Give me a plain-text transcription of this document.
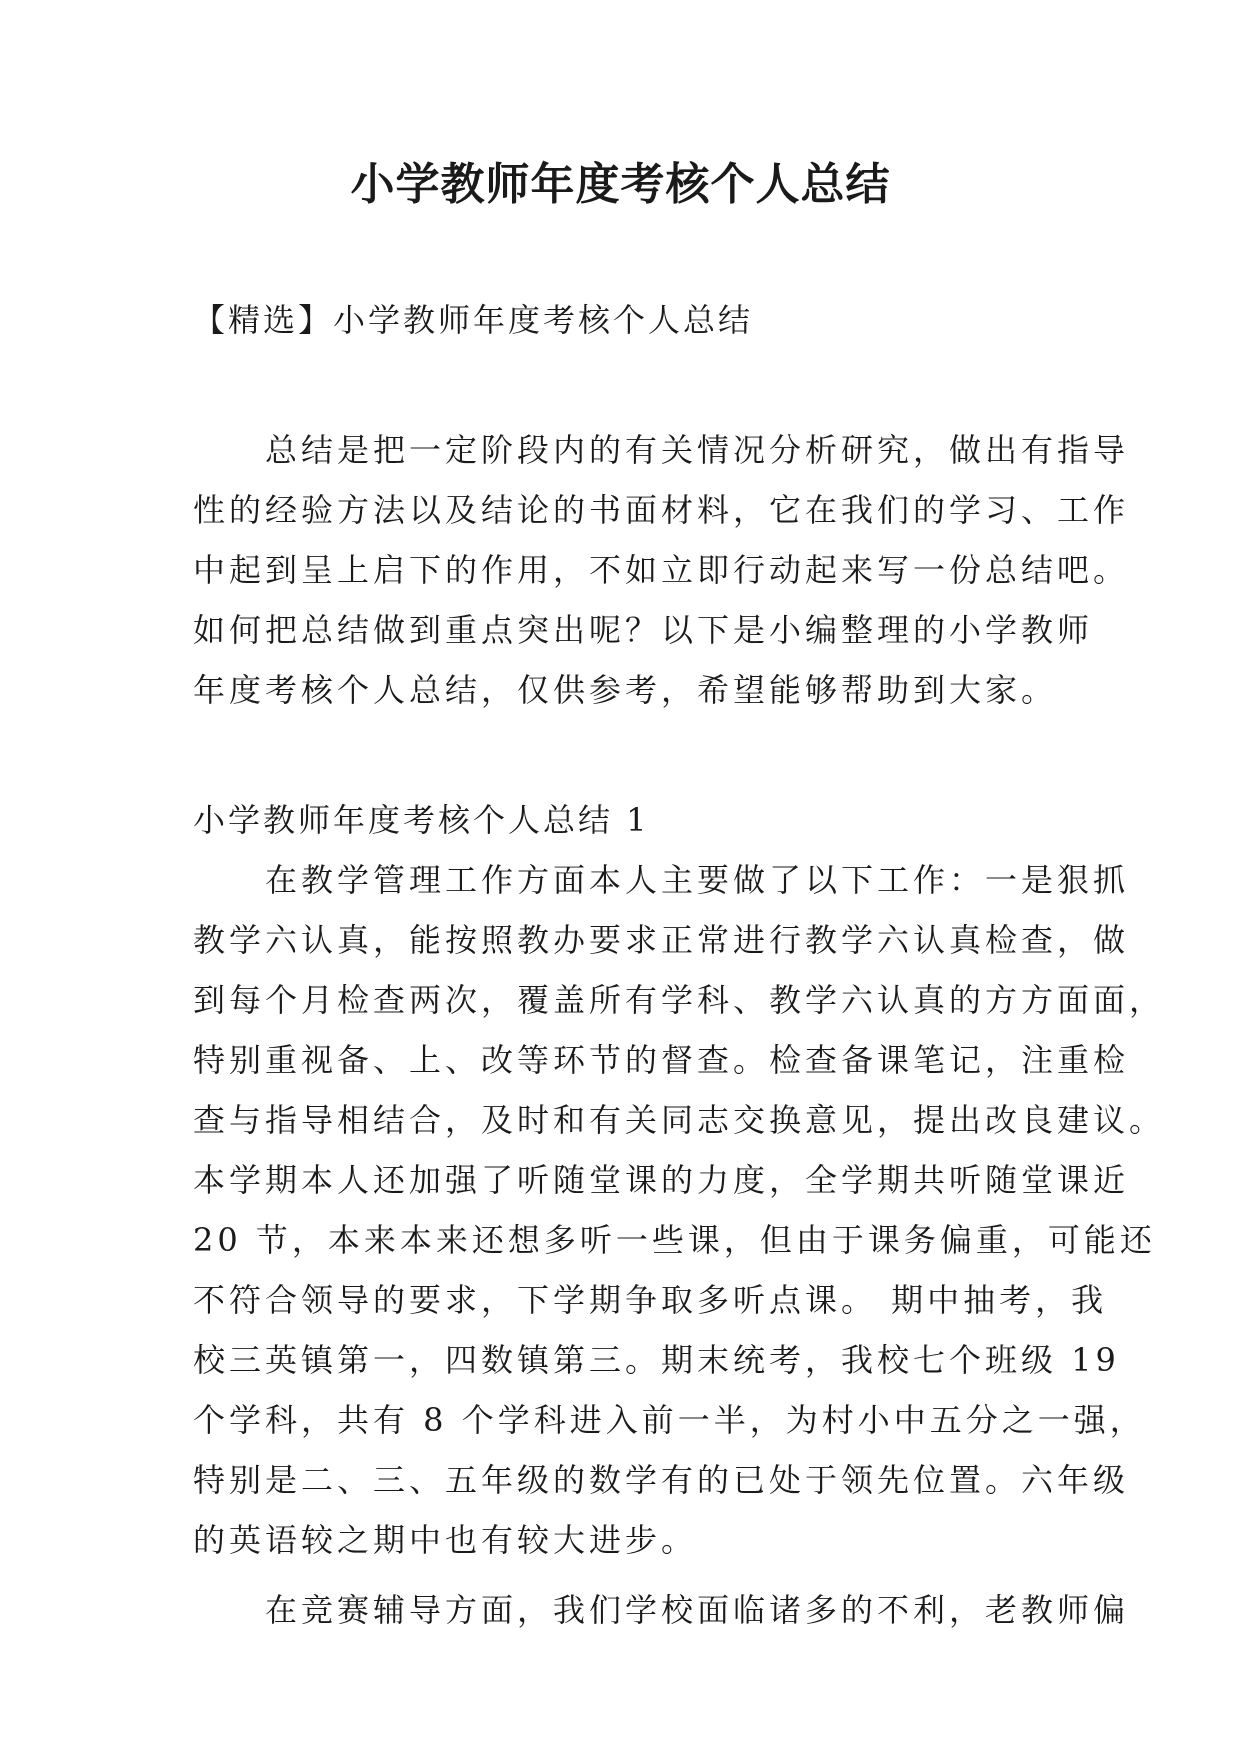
小学教师年度考核个人总结
【精选】小学教师年度考核个人总结
　　总结是把一定阶段内的有关情况分析研究，做出有指导
性的经验方法以及结论的书面材料，它在我们的学习、工作
中起到呈上启下的作用，不如立即行动起来写一份总结吧。
如何把总结做到重点突出呢？以下是小编整理的小学教师
年度考核个人总结，仅供参考，希望能够帮助到大家。
小学教师年度考核个人总结 1
　　在教学管理工作方面本人主要做了以下工作：一是狠抓
教学六认真，能按照教办要求正常进行教学六认真检查，做
到每个月检查两次，覆盖所有学科、教学六认真的方方面面，
特别重视备、上、改等环节的督查。检查备课笔记，注重检
查与指导相结合，及时和有关同志交换意见，提出改良建议。
本学期本人还加强了听随堂课的力度，全学期共听随堂课近
20 节，本来本来还想多听一些课，但由于课务偏重，可能还
不符合领导的要求，下学期争取多听点课。 期中抽考，我
校三英镇第一，四数镇第三。期末统考，我校七个班级 19
个学科，共有 8 个学科进入前一半，为村小中五分之一强，
特别是二、三、五年级的数学有的已处于领先位置。六年级
的英语较之期中也有较大进步。
　　在竞赛辅导方面，我们学校面临诸多的不利，老教师偏
